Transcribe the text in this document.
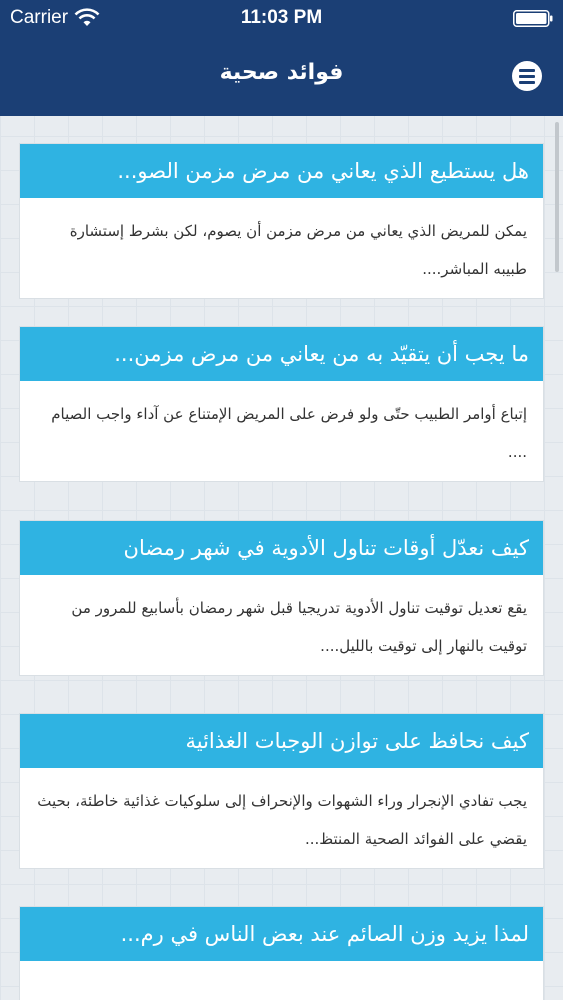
Carrier	11:03 PM
فوائد صحية
هل يستطيع الذي يعاني من مرض مزمن الصو...
يمكن للمريض الذي يعاني من مرض مزمن أن يصوم، لكن بشرط إستشارة طبيبه المباشر....
ما يجب أن يتقيّد به من يعاني من مرض مزمن...
إتباع أوامر الطبيب حتّى ولو فرض على المريض الإمتناع عن آداء واجب الصيام ....
كيف نعدّل أوقات تناول الأدوية في شهر رمضان
يقع تعديل توقيت تناول الأدوية تدريجيا قبل شهر رمضان بأسابيع للمرور من توقيت بالنهار إلى توقيت بالليل....
كيف نحافظ على توازن الوجبات الغذائية
يجب تفادي الإنجرار وراء الشهوات والإنحراف إلى سلوكيات غذائية خاطئة، بحيث يقضي على الفوائد الصحية المنتظ...
لمذا يزيد وزن الصائم عند بعض الناس في رم...
